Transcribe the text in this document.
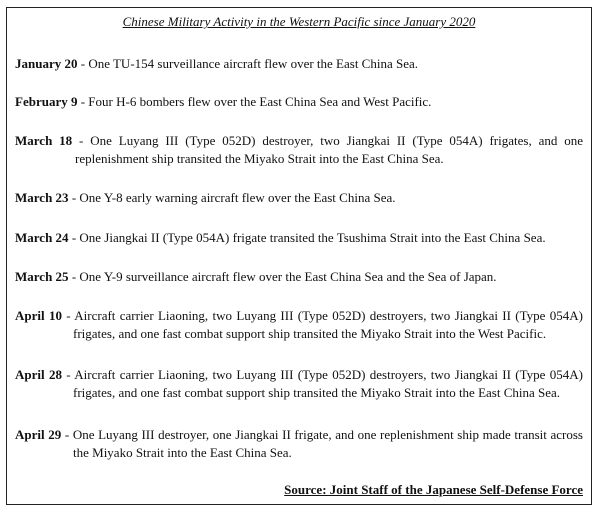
Chinese Military Activity in the Western Pacific since January 2020
January 20 - One TU-154 surveillance aircraft flew over the East China Sea.
February 9 - Four H-6 bombers flew over the East China Sea and West Pacific.
March 18 - One Luyang III (Type 052D) destroyer, two Jiangkai II (Type 054A) frigates, and one replenishment ship transited the Miyako Strait into the East China Sea.
March 23 - One Y-8 early warning aircraft flew over the East China Sea.
March 24 - One Jiangkai II (Type 054A) frigate transited the Tsushima Strait into the East China Sea.
March 25 - One Y-9 surveillance aircraft flew over the East China Sea and the Sea of Japan.
April 10 - Aircraft carrier Liaoning, two Luyang III (Type 052D) destroyers, two Jiangkai II (Type 054A) frigates, and one fast combat support ship transited the Miyako Strait into the West Pacific.
April 28 - Aircraft carrier Liaoning, two Luyang III (Type 052D) destroyers, two Jiangkai II (Type 054A) frigates, and one fast combat support ship transited the Miyako Strait into the East China Sea.
April 29 - One Luyang III destroyer, one Jiangkai II frigate, and one replenishment ship made transit across the Miyako Strait into the East China Sea.
Source: Joint Staff of the Japanese Self-Defense Force
